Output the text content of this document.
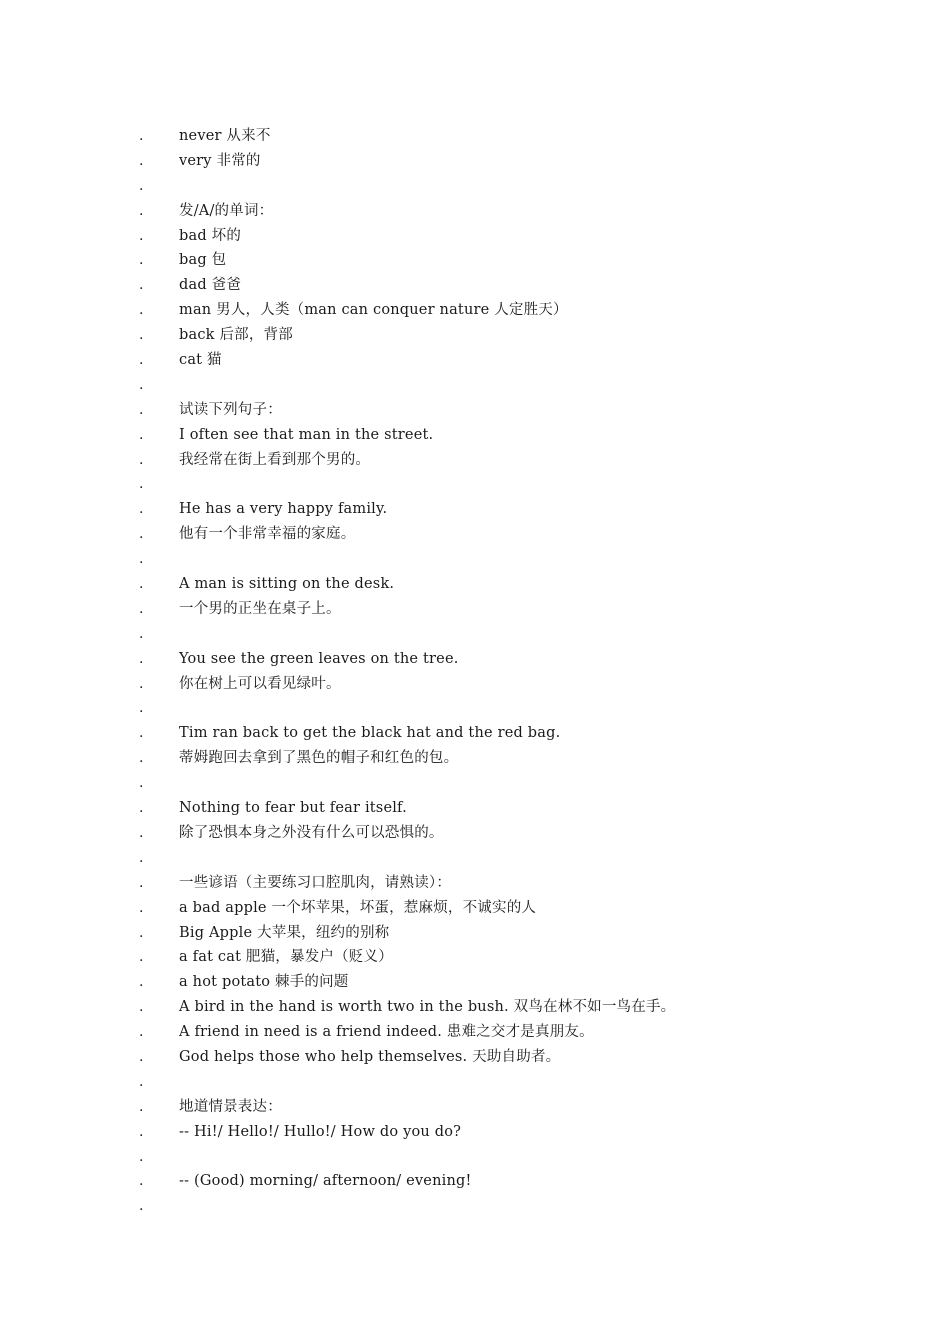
.	never 从来不
.	very 非常的
.
.	发/A/的单词：
.	bad 坏的
.	bag 包
.	dad 爸爸
.	man 男人，人类（man can conquer nature 人定胜天）
.	back 后部，背部
.	cat 猫
.
.	试读下列句子：
.	I often see that man in the street.
.	我经常在街上看到那个男的。
.
.	He has a very happy family.
.	他有一个非常幸福的家庭。
.
.	A man is sitting on the desk.
.	一个男的正坐在桌子上。
.
.	You see the green leaves on the tree.
.	你在树上可以看见绿叶。
.
.	Tim ran back to get the black hat and the red bag.
.	蒂姆跑回去拿到了黑色的帽子和红色的包。
.
.	Nothing to fear but fear itself.
.	除了恐惧本身之外没有什么可以恐惧的。
.
.	一些谚语（主要练习口腔肌肉，请熟读）：
.	a bad apple 一个坏苹果，坏蛋，惹麻烦，不诚实的人
.	Big Apple 大苹果，纽约的别称
.	a fat cat 肥猫，暴发户（贬义）
.	a hot potato 棘手的问题
.	A bird in the hand is worth two in the bush. 双鸟在林不如一鸟在手。
.	A friend in need is a friend indeed. 患难之交才是真朋友。
.	God helps those who help themselves. 天助自助者。
.
.	地道情景表达：
.	-- Hi!/ Hello!/ Hullo!/ How do you do?
.
.	-- (Good) morning/ afternoon/ evening!
.
